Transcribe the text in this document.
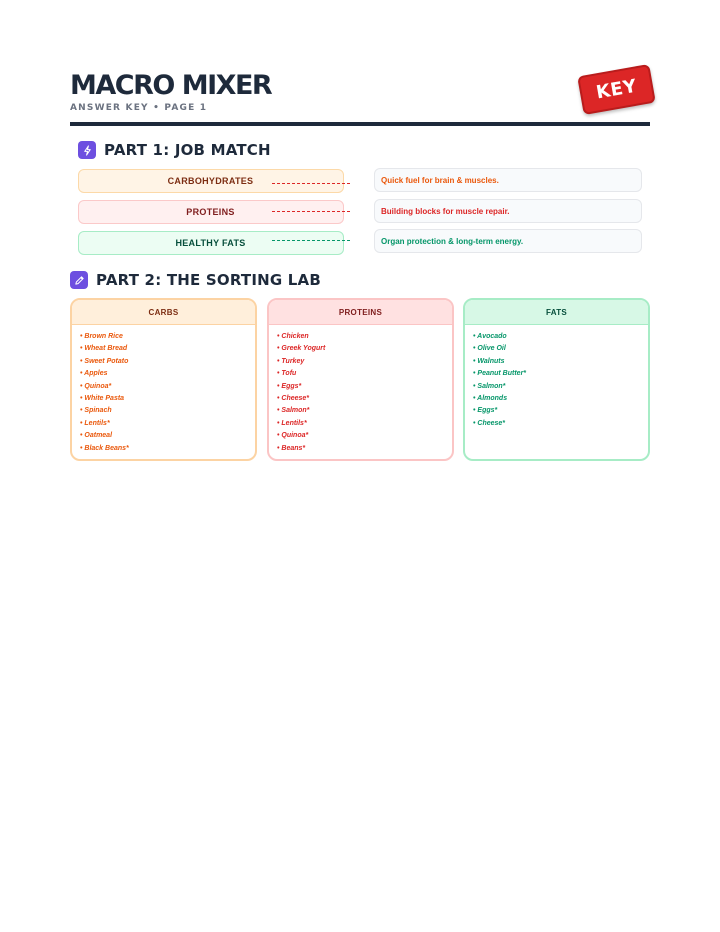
MACRO MIXER
ANSWER KEY • PAGE 1
KEY
PART 1: JOB MATCH
CARBOHYDRATES	Quick fuel for brain & muscles.
PROTEINS	Building blocks for muscle repair.
HEALTHY FATS	Organ protection & long-term energy.
PART 2: THE SORTING LAB
CARBS
• Brown Rice
• Wheat Bread
• Sweet Potato
• Apples
• Quinoa*
• White Pasta
• Spinach
• Lentils*
• Oatmeal
• Black Beans*
PROTEINS
• Chicken
• Greek Yogurt
• Turkey
• Tofu
• Eggs*
• Cheese*
• Salmon*
• Lentils*
• Quinoa*
• Beans*
FATS
• Avocado
• Olive Oil
• Walnuts
• Peanut Butter*
• Salmon*
• Almonds
• Eggs*
• Cheese*
